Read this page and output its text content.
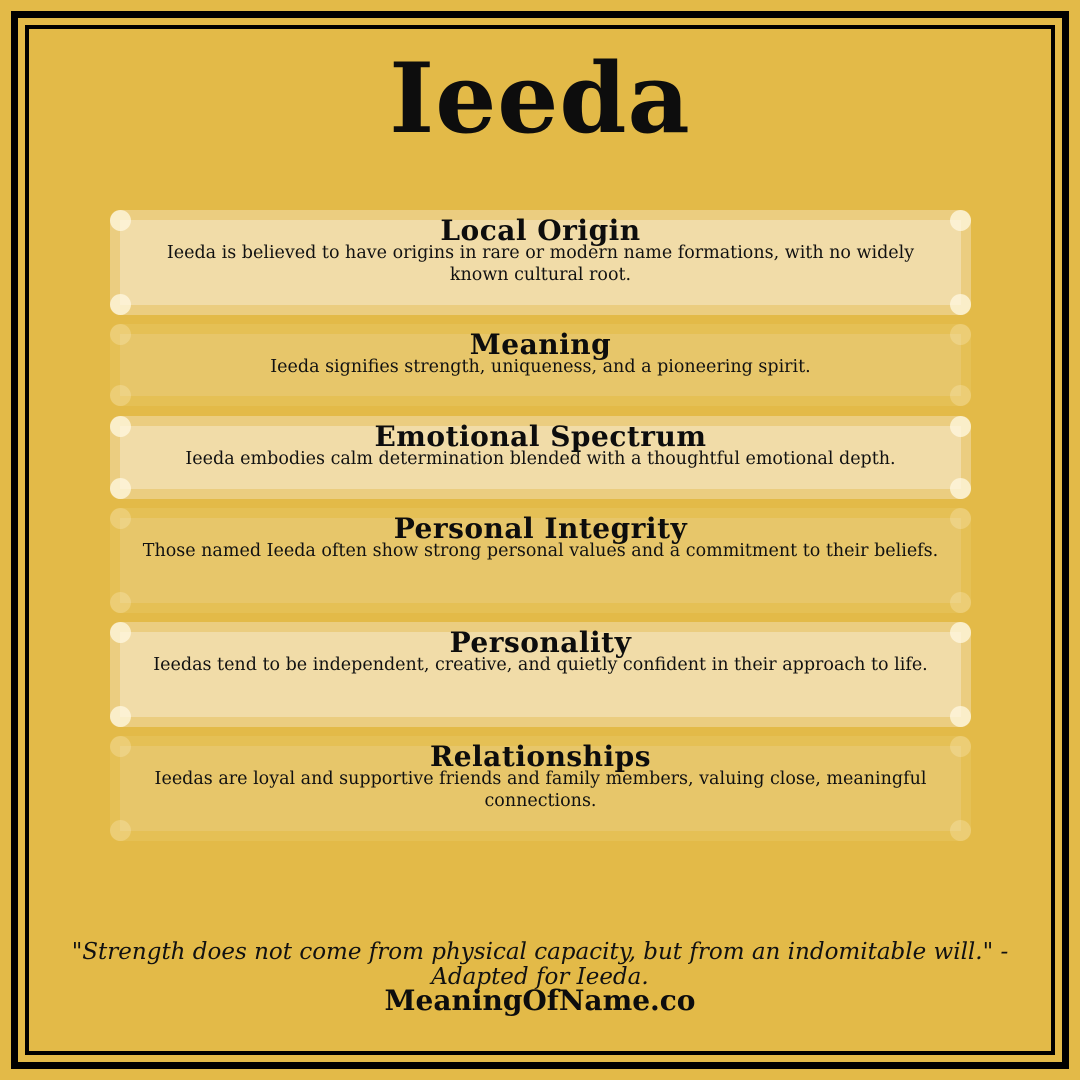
Ieeda
Local Origin
Ieeda is believed to have origins in rare or modern name formations, with no widely known cultural root.
Meaning
Ieeda signifies strength, uniqueness, and a pioneering spirit.
Emotional Spectrum
Ieeda embodies calm determination blended with a thoughtful emotional depth.
Personal Integrity
Those named Ieeda often show strong personal values and a commitment to their beliefs.
Personality
Ieedas tend to be independent, creative, and quietly confident in their approach to life.
Relationships
Ieedas are loyal and supportive friends and family members, valuing close, meaningful connections.
"Strength does not come from physical capacity, but from an indomitable will." - Adapted for Ieeda.
MeaningOfName.co
